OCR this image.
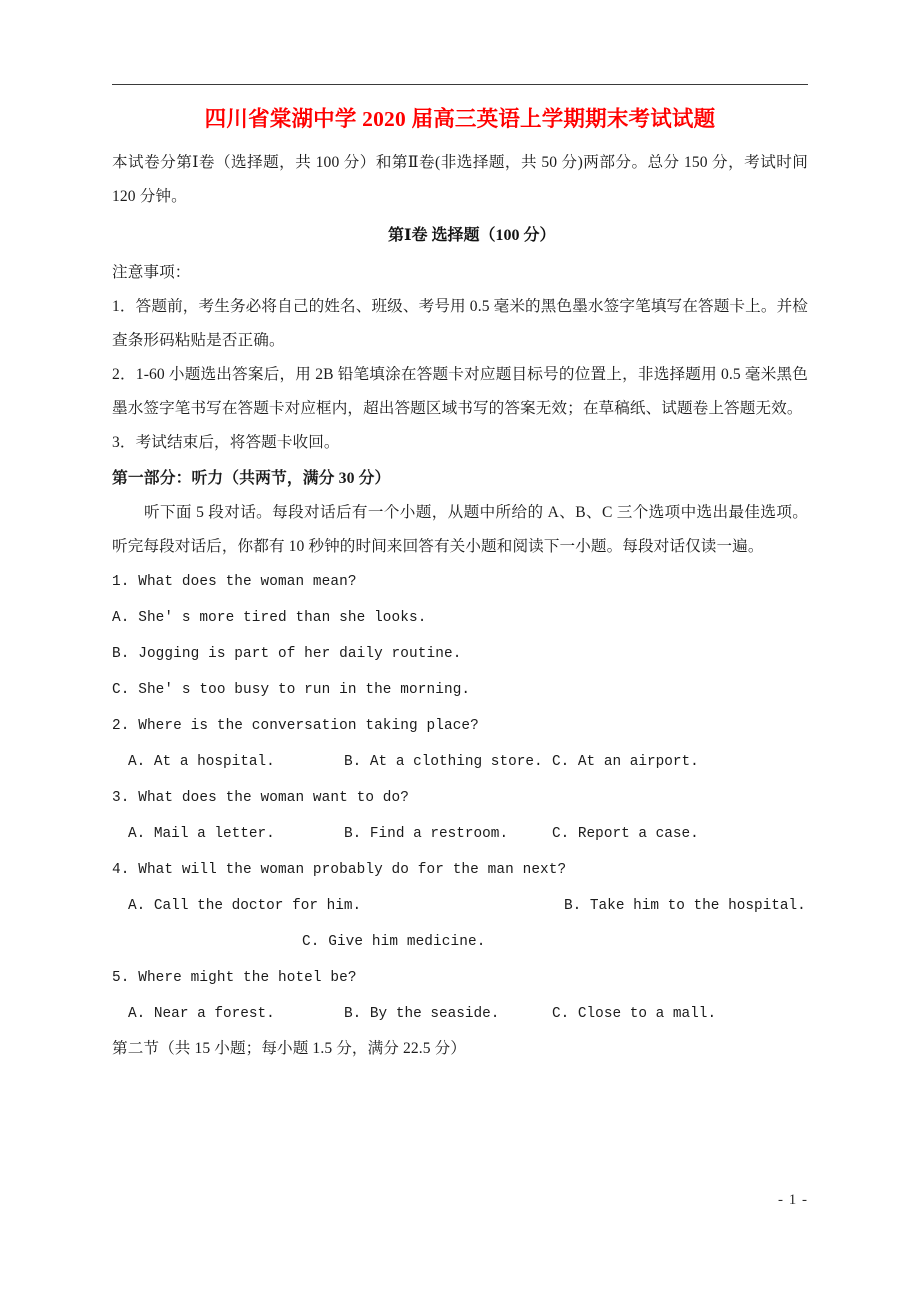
四川省棠湖中学 2020 届高三英语上学期期末考试试题

本试卷分第Ⅰ卷（选择题，共 100 分）和第Ⅱ卷(非选择题，共 50 分)两部分。总分 150 分，考试时间 120 分钟。

第Ⅰ卷 选择题（100 分）

注意事项：

1．答题前，考生务必将自己的姓名、班级、考号用 0.5 毫米的黑色墨水签字笔填写在答题卡上。并检查条形码粘贴是否正确。

2．1-60 小题选出答案后，用 2B 铅笔填涂在答题卡对应题目标号的位置上，非选择题用 0.5 毫米黑色墨水签字笔书写在答题卡对应框内，超出答题区域书写的答案无效；在草稿纸、试题卷上答题无效。

3．考试结束后，将答题卡收回。

第一部分：听力（共两节，满分 30 分）

听下面 5 段对话。每段对话后有一个小题，从题中所给的 A、B、C 三个选项中选出最佳选项。听完每段对话后，你都有 10 秒钟的时间来回答有关小题和阅读下一小题。每段对话仅读一遍。

1. What does the woman mean?
A. She' s more tired than she looks.
B. Jogging is part of her daily routine.
C. She' s too busy to run in the morning.
2. Where is the conversation taking place?
A. At a hospital.	B. At a clothing store. C. At an airport.
3. What does the woman want to do?
A. Mail a letter.	B. Find a restroom.	C. Report a case.
4. What will the woman probably do for the man next?
A. Call the doctor for him.	B. Take him to the hospital.
C. Give him medicine.
5. Where might the hotel be?
A. Near a forest.	B. By the seaside.	C. Close to a mall.

第二节（共 15 小题；每小题 1.5 分，满分 22.5 分）

- 1 -
